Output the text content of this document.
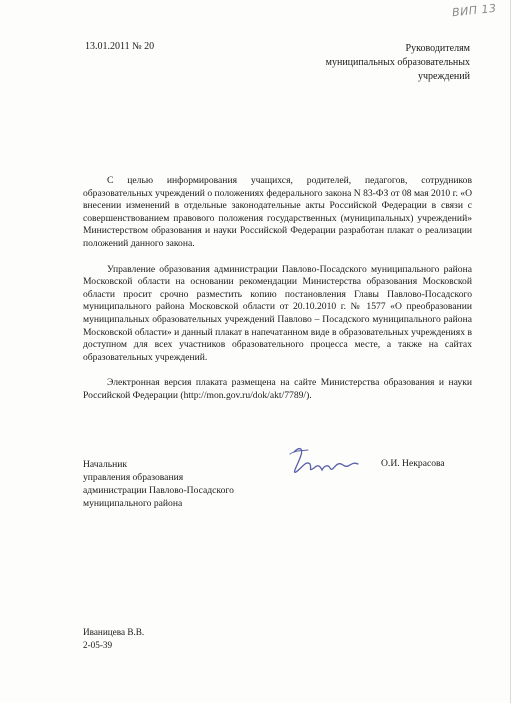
ВИП 13
13.01.2011 № 20	Руководителям
муниципальных образовательных
учреждений

С целью информирования учащихся, родителей, педагогов, сотрудников образовательных учреждений о положениях федерального закона N 83-ФЗ от 08 мая 2010 г. «О внесении изменений в отдельные законодательные акты Российской Федерации в связи с совершенствованием правового положения государственных (муниципальных) учреждений» Министерством образования и науки Российской Федерации разработан плакат о реализации положений данного закона.

Управление образования администрации Павлово-Посадского муниципального района Московской области на основании рекомендации Министерства образования Московской области просит срочно разместить копию постановления Главы Павлово-Посадского муниципального района Московской области от 20.10.2010 г. № 1577 «О преобразовании муниципальных образовательных учреждений Павлово – Посадского муниципального района Московской области» и данный плакат в напечатанном виде в образовательных учреждениях в доступном для всех участников образовательного процесса месте, а также на сайтах образовательных учреждений.

Электронная версия плаката размещена на сайте Министерства образования и науки Российской Федерации (http://mon.gov.ru/dok/akt/7789/).

Начальник
управления образования
администрации Павлово-Посадского
муниципального района
О.И. Некрасова
Иваницева В.В.
2-05-39
